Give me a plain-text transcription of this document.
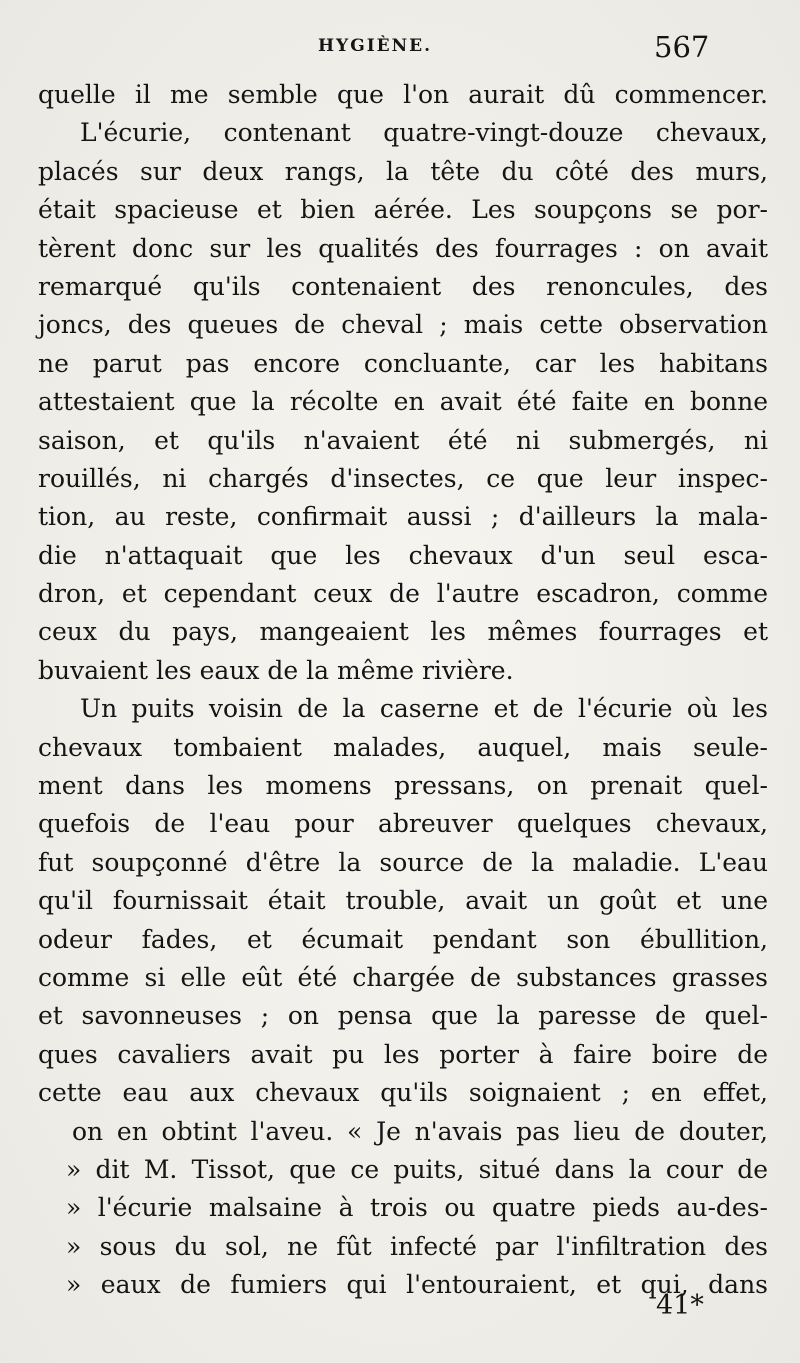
HYGIÈNE.	567
quelle il me semble que l'on aurait dû commencer.
L'écurie, contenant quatre-vingt-douze chevaux,
placés sur deux rangs, la tête du côté des murs,
était spacieuse et bien aérée. Les soupçons se por-
tèrent donc sur les qualités des fourrages : on avait
remarqué qu'ils contenaient des renoncules, des
joncs, des queues de cheval ; mais cette observation
ne parut pas encore concluante, car les habitans
attestaient que la récolte en avait été faite en bonne
saison, et qu'ils n'avaient été ni submergés, ni
rouillés, ni chargés d'insectes, ce que leur inspec-
tion, au reste, confirmait aussi ; d'ailleurs la mala-
die n'attaquait que les chevaux d'un seul esca-
dron, et cependant ceux de l'autre escadron, comme
ceux du pays, mangeaient les mêmes fourrages et
buvaient les eaux de la même rivière.
Un puits voisin de la caserne et de l'écurie où les
chevaux tombaient malades, auquel, mais seule-
ment dans les momens pressans, on prenait quel-
quefois de l'eau pour abreuver quelques chevaux,
fut soupçonné d'être la source de la maladie. L'eau
qu'il fournissait était trouble, avait un goût et une
odeur fades, et écumait pendant son ébullition,
comme si elle eût été chargée de substances grasses
et savonneuses ; on pensa que la paresse de quel-
ques cavaliers avait pu les porter à faire boire de
cette eau aux chevaux qu'ils soignaient ; en effet,
on en obtint l'aveu. « Je n'avais pas lieu de douter,
» dit M. Tissot, que ce puits, situé dans la cour de
» l'écurie malsaine à trois ou quatre pieds au-des-
» sous du sol, ne fût infecté par l'infiltration des
» eaux de fumiers qui l'entouraient, et qui, dans
41*
